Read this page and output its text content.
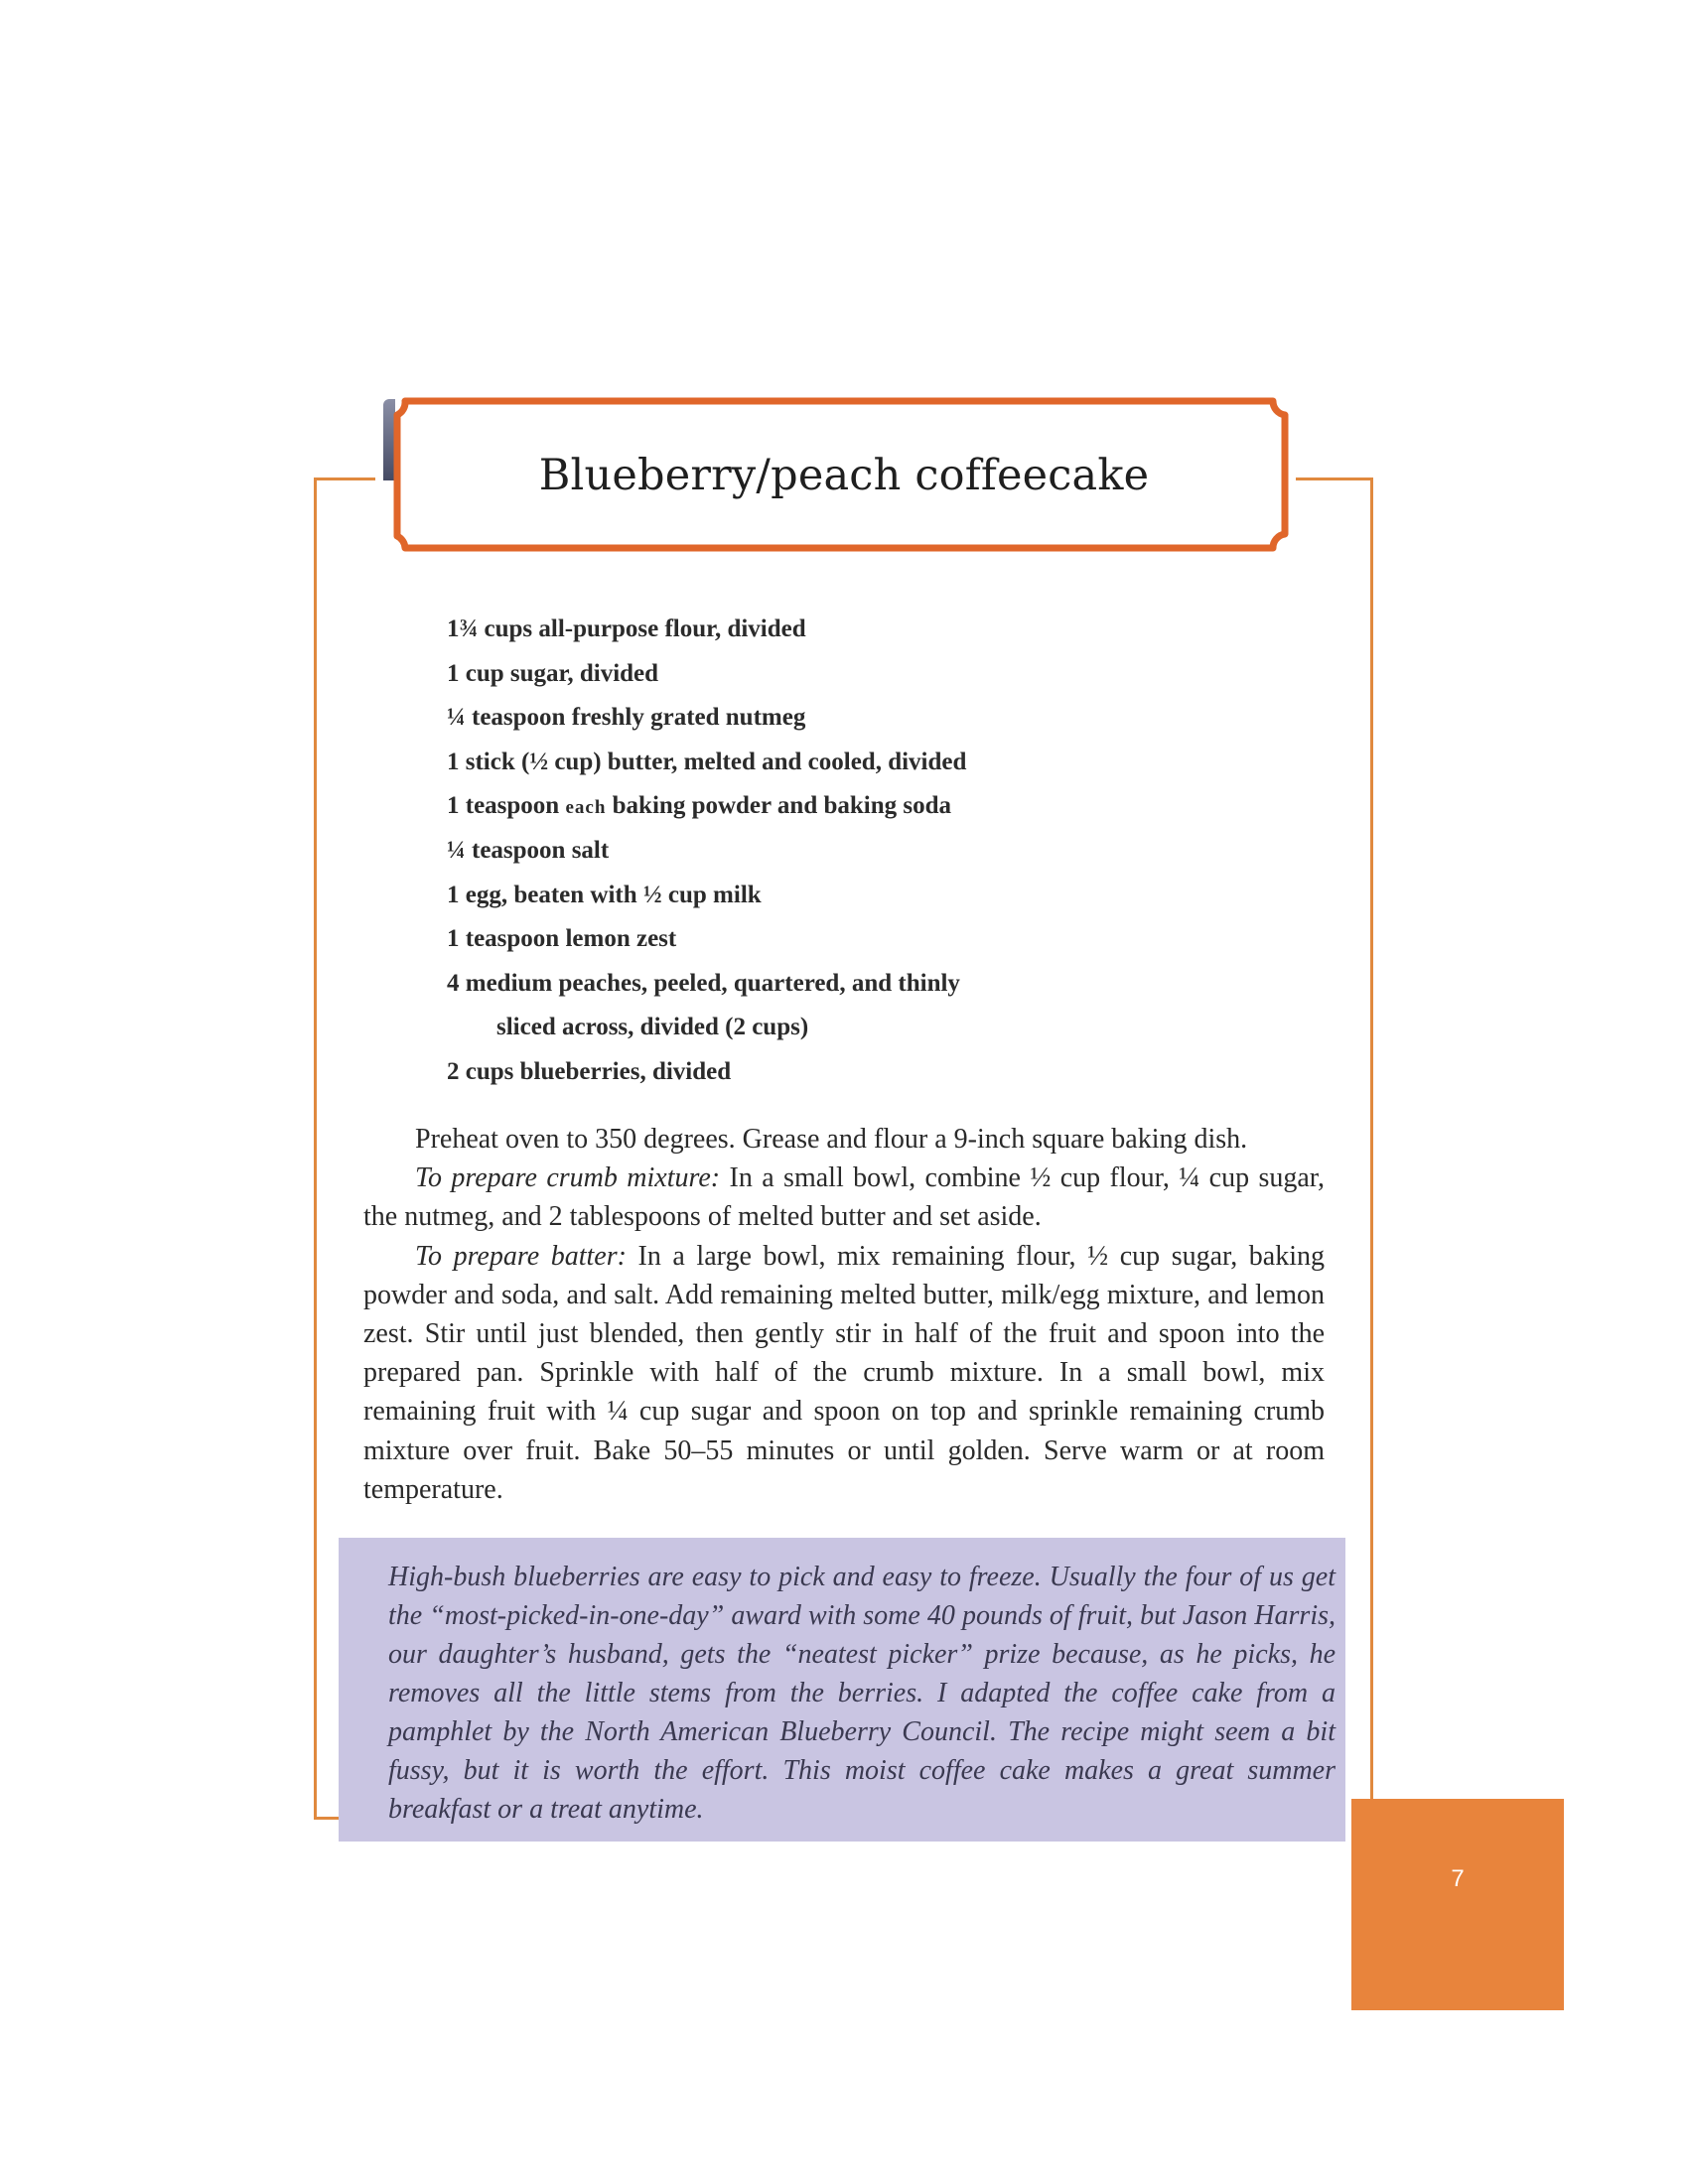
Blueberry/peach coffeecake
1¾ cups all-purpose flour, divided
1 cup sugar, divided
¼ teaspoon freshly grated nutmeg
1 stick (½ cup) butter, melted and cooled, divided
1 teaspoon each baking powder and baking soda
¼ teaspoon salt
1 egg, beaten with ½ cup milk
1 teaspoon lemon zest
4 medium peaches, peeled, quartered, and thinly
sliced across, divided (2 cups)
2 cups blueberries, divided

Preheat oven to 350 degrees. Grease and flour a 9-inch square baking dish.

To prepare crumb mixture: In a small bowl, combine ½ cup flour, ¼ cup sugar, the nutmeg, and 2 tablespoons of melted butter and set aside.

To prepare batter: In a large bowl, mix remaining flour, ½ cup sugar, baking powder and soda, and salt. Add remaining melted butter, milk/egg mixture, and lemon zest. Stir until just blended, then gently stir in half of the fruit and spoon into the prepared pan. Sprinkle with half of the crumb mixture. In a small bowl, mix remaining fruit with ¼ cup sugar and spoon on top and sprinkle remaining crumb mixture over fruit. Bake 50–55 minutes or until golden. Serve warm or at room temperature.

High-bush blueberries are easy to pick and easy to freeze. Usually the four of us get the “most-picked-in-one-day” award with some 40 pounds of fruit, but Jason Harris, our daughter’s husband, gets the “neatest picker” prize because, as he picks, he removes all the little stems from the berries. I adapted the coffee cake from a pamphlet by the North American Blueberry Council. The recipe might seem a bit fussy, but it is worth the effort. This moist coffee cake makes a great summer breakfast or a treat anytime.

7
